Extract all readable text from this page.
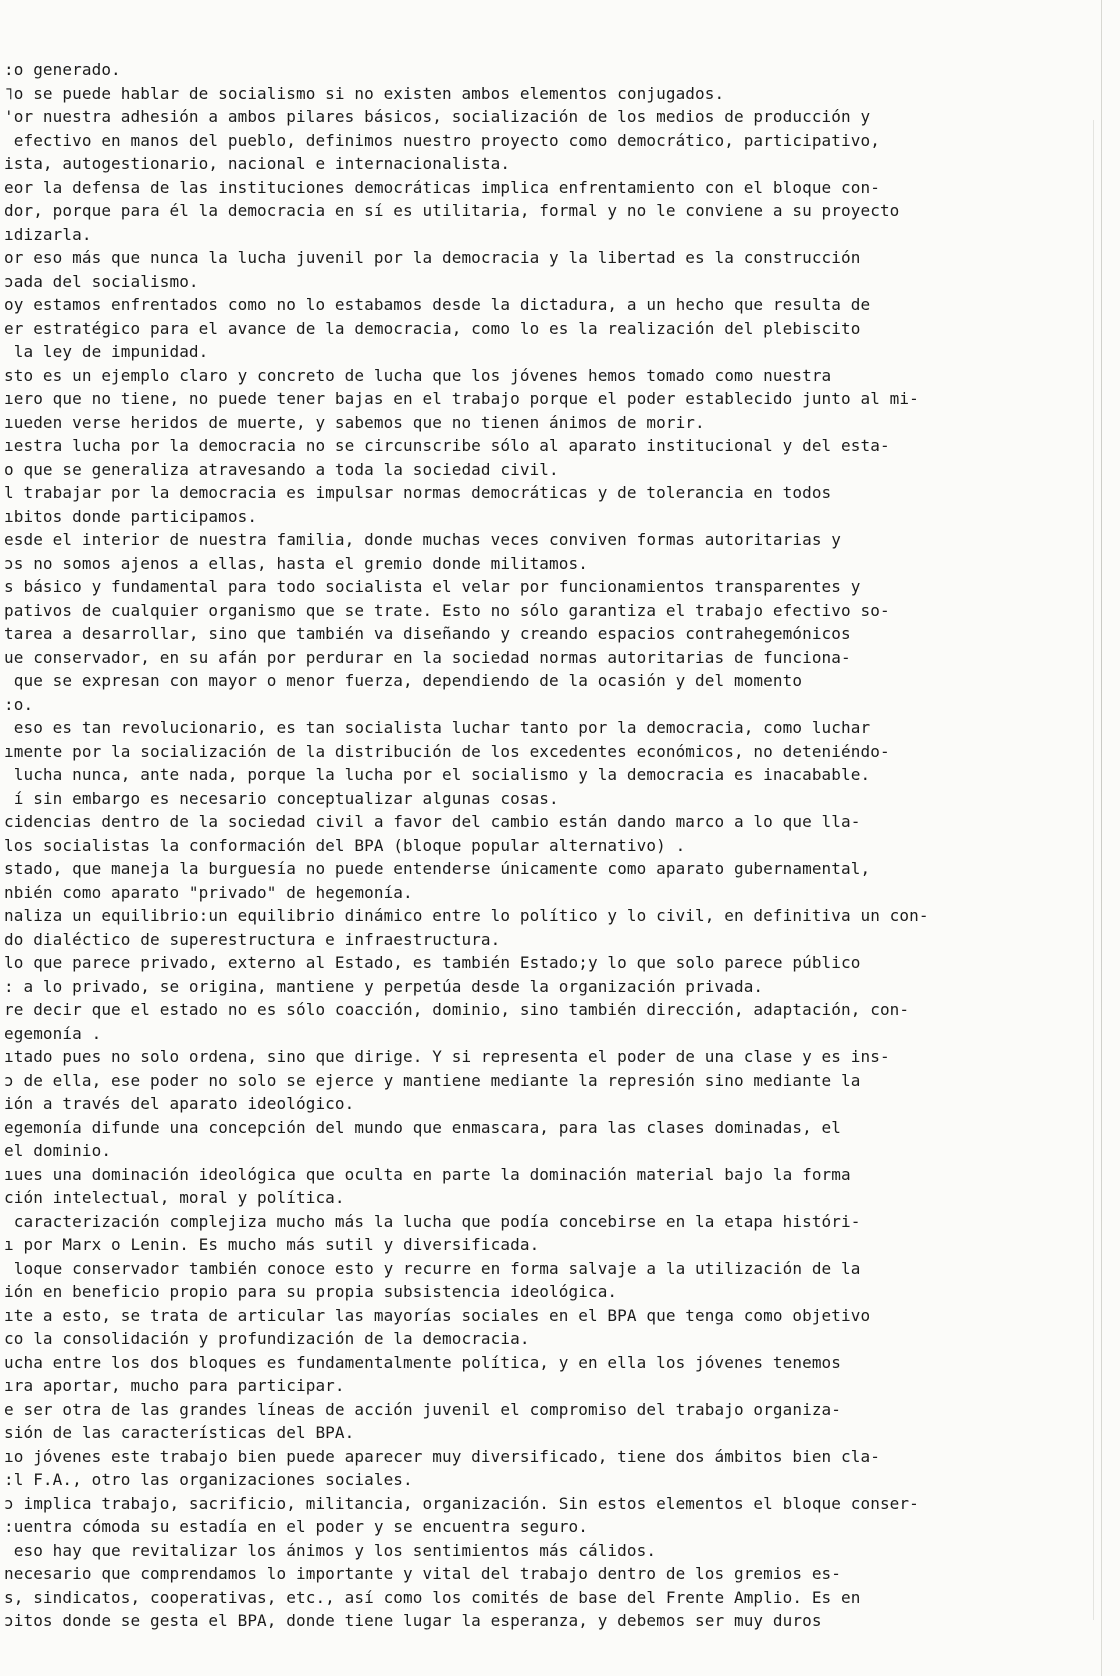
:o generado.
˥o se puede hablar de socialismo si no existen ambos elementos conjugados.
'or nuestra adhesión a ambos pilares básicos, socialización de los medios de producción y
efectivo en manos del pueblo, definimos nuestro proyecto como democrático, participativo,
ista, autogestionario, nacional e internacionalista.
eor la defensa de las instituciones democráticas implica enfrentamiento con el bloque con-
dor, porque para él la democracia en sí es utilitaria, formal y no le conviene a su proyecto
ıdizarla.
or eso más que nunca la lucha juvenil por la democracia y la libertad es la construcción
ɔada del socialismo.
oy estamos enfrentados como no lo estabamos desde la dictadura, a un hecho que resulta de
er estratégico para el avance de la democracia, como lo es la realización del plebiscito
la ley de impunidad.
sto es un ejemplo claro y concreto de lucha que los jóvenes hemos tomado como nuestra
ıero que no tiene, no puede tener bajas en el trabajo porque el poder establecido junto al mi-
ıueden verse heridos de muerte, y sabemos que no tienen ánimos de morir.
ıestra lucha por la democracia no se circunscribe sólo al aparato institucional y del esta-
o que se generaliza atravesando a toda la sociedad civil.
l trabajar por la democracia es impulsar normas democráticas y de tolerancia en todos
ıbitos donde participamos.
esde el interior de nuestra familia, donde muchas veces conviven formas autoritarias y
ɔs no somos ajenos a ellas, hasta el gremio donde militamos.
s básico y fundamental para todo socialista el velar por funcionamientos transparentes y
pativos de cualquier organismo que se trate. Esto no sólo garantiza el trabajo efectivo so-
tarea a desarrollar, sino que también va diseñando y creando espacios contrahegemónicos
ue conservador, en su afán por perdurar en la sociedad normas autoritarias de funciona-
que se expresan con mayor o menor fuerza, dependiendo de la ocasión y del momento
:o.
eso es tan revolucionario, es tan socialista luchar tanto por la democracia, como luchar
ımente por la socialización de la distribución de los excedentes económicos, no deteniéndo-
lucha nunca, ante nada, porque la lucha por el socialismo y la democracia es inacabable.
í sin embargo es necesario conceptualizar algunas cosas.
cidencias dentro de la sociedad civil a favor del cambio están dando marco a lo que lla-
los socialistas la conformación del BPA (bloque popular alternativo) .
stado, que maneja la burguesía no puede entenderse únicamente como aparato gubernamental,
nbién como aparato "privado" de hegemonía.
naliza un equilibrio:un equilibrio dinámico entre lo político y lo civil, en definitiva un con-
do dialéctico de superestructura e infraestructura.
lo que parece privado, externo al Estado, es también Estado;y lo que solo parece público
: a lo privado, se origina, mantiene y perpetúa desde la organización privada.
re decir que el estado no es sólo coacción, dominio, sino también dirección, adaptación, con-
egemonía .
ıtado pues no solo ordena, sino que dirige. Y si representa el poder de una clase y es ins-
ɔ de ella, ese poder no solo se ejerce y mantiene mediante la represión sino mediante la
ión a través del aparato ideológico.
egemonía difunde una concepción del mundo que enmascara, para las clases dominadas, el
el dominio.
ıues una dominación ideológica que oculta en parte la dominación material bajo la forma
ción intelectual, moral y política.
caracterización complejiza mucho más la lucha que podía concebirse en la etapa históri-
ı por Marx o Lenin. Es mucho más sutil y diversificada.
loque conservador también conoce esto y recurre en forma salvaje a la utilización de la
ión en beneficio propio para su propia subsistencia ideológica.
ıte a esto, se trata de articular las mayorías sociales en el BPA que tenga como objetivo
co la consolidación y profundización de la democracia.
ucha entre los dos bloques es fundamentalmente política, y en ella los jóvenes tenemos
ıra aportar, mucho para participar.
e ser otra de las grandes líneas de acción juvenil el compromiso del trabajo organiza-
sión de las características del BPA.
ıo jóvenes este trabajo bien puede aparecer muy diversificado, tiene dos ámbitos bien cla-
:l F.A., otro las organizaciones sociales.
ɔ implica trabajo, sacrificio, militancia, organización. Sin estos elementos el bloque conser-
:uentra cómoda su estadía en el poder y se encuentra seguro.
eso hay que revitalizar los ánimos y los sentimientos más cálidos.
necesario que comprendamos lo importante y vital del trabajo dentro de los gremios es-
s, sindicatos, cooperativas, etc., así como los comités de base del Frente Amplio. Es en
ɔitos donde se gesta el BPA, donde tiene lugar la esperanza, y debemos ser muy duros
